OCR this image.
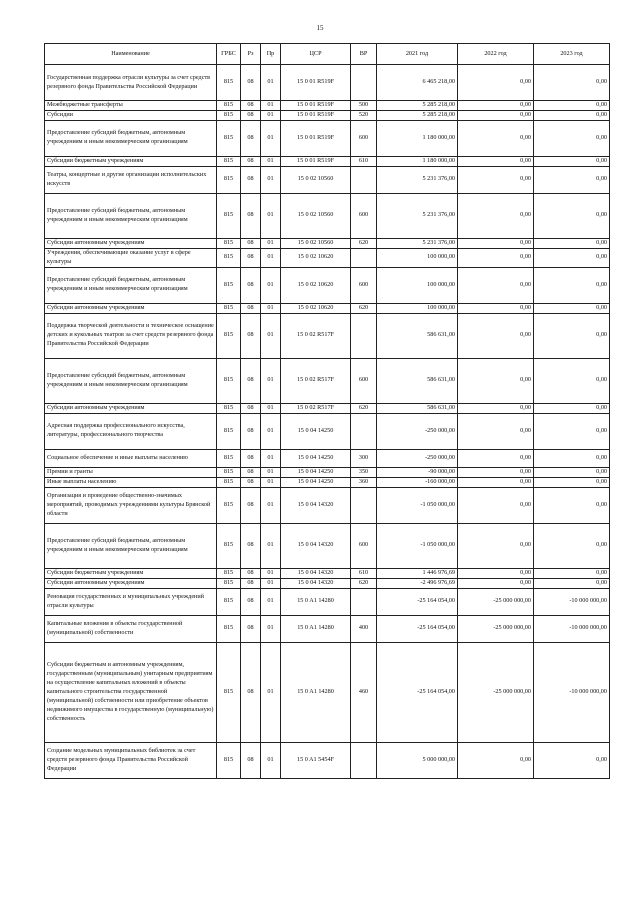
15
Наименование	ГРБС	Рз	Пр	ЦСР	ВР	2021 год	2022 год	2023 год
Государственная поддержка отрасли культуры за счет средств резервного фонда Правительства Российской Федерации	815	08	01	15 0 01 R519F		6 465 218,00	0,00	0,00
Межбюджетные трансферты	815	08	01	15 0 01 R519F	500	5 285 218,00	0,00	0,00
Субсидии	815	08	01	15 0 01 R519F	520	5 285 218,00	0,00	0,00
Предоставление субсидий бюджетным, автономным учреждениям и иным некоммерческим организациям	815	08	01	15 0 01 R519F	600	1 180 000,00	0,00	0,00
Субсидии бюджетным учреждениям	815	08	01	15 0 01 R519F	610	1 180 000,00	0,00	0,00
Театры, концертные и другие организации исполнительских искусств	815	08	01	15 0 02 10560		5 231 376,00	0,00	0,00
Предоставление субсидий бюджетным, автономным учреждениям и иным некоммерческим организациям	815	08	01	15 0 02 10560	600	5 231 376,00	0,00	0,00
Субсидии автономным учреждениям	815	08	01	15 0 02 10560	620	5 231 376,00	0,00	0,00
Учреждения, обеспечивающие оказание услуг в сфере культуры	815	08	01	15 0 02 10620		100 000,00	0,00	0,00
Предоставление субсидий бюджетным, автономным учреждениям и иным некоммерческим организациям	815	08	01	15 0 02 10620	600	100 000,00	0,00	0,00
Субсидии автономным учреждениям	815	08	01	15 0 02 10620	620	100 000,00	0,00	0,00
Поддержка творческой деятельности и техническое оснащение детских и кукольных театров за счет средств резервного фонда Правительства Российской Федерации	815	08	01	15 0 02 R517F		586 631,00	0,00	0,00
Предоставление субсидий бюджетным, автономным учреждениям и иным некоммерческим организациям	815	08	01	15 0 02 R517F	600	586 631,00	0,00	0,00
Субсидии автономным учреждениям	815	08	01	15 0 02 R517F	620	586 631,00	0,00	0,00
Адресная поддержка профессионального искусства, литературы, профессионального творчества	815	08	01	15 0 04 14250		-250 000,00	0,00	0,00
Социальное обеспечение и иные выплаты населению	815	08	01	15 0 04 14250	300	-250 000,00	0,00	0,00
Премии и гранты	815	08	01	15 0 04 14250	350	-90 000,00	0,00	0,00
Иные выплаты населению	815	08	01	15 0 04 14250	360	-160 000,00	0,00	0,00
Организация и проведение общественно-значимых мероприятий, проводимых учреждениями культуры Брянской области	815	08	01	15 0 04 14320		-1 050 000,00	0,00	0,00
Предоставление субсидий бюджетным, автономным учреждениям и иным некоммерческим организациям	815	08	01	15 0 04 14320	600	-1 050 000,00	0,00	0,00
Субсидии бюджетным учреждениям	815	08	01	15 0 04 14320	610	1 446 976,69	0,00	0,00
Субсидии автономным учреждениям	815	08	01	15 0 04 14320	620	-2 496 976,69	0,00	0,00
Реновация государственных и муниципальных учреждений отрасли культуры	815	08	01	15 0 A1 14280		-25 164 054,00	-25 000 000,00	-10 000 000,00
Капитальные вложения в объекты государственной (муниципальной) собственности	815	08	01	15 0 A1 14280	400	-25 164 054,00	-25 000 000,00	-10 000 000,00
Субсидии бюджетным и автономным учреждениям, государственным (муниципальным) унитарным предприятиям на осуществление капитальных вложений в объекты капитального строительства государственной (муниципальной) собственности или приобретение объектов недвижимого имущества в государственную (муниципальную) собственность	815	08	01	15 0 A1 14280	460	-25 164 054,00	-25 000 000,00	-10 000 000,00
Создание модельных муниципальных библиотек за счет средств резервного фонда Правительства Российской Федерации	815	08	01	15 0 A1 5454F		5 000 000,00	0,00	0,00
